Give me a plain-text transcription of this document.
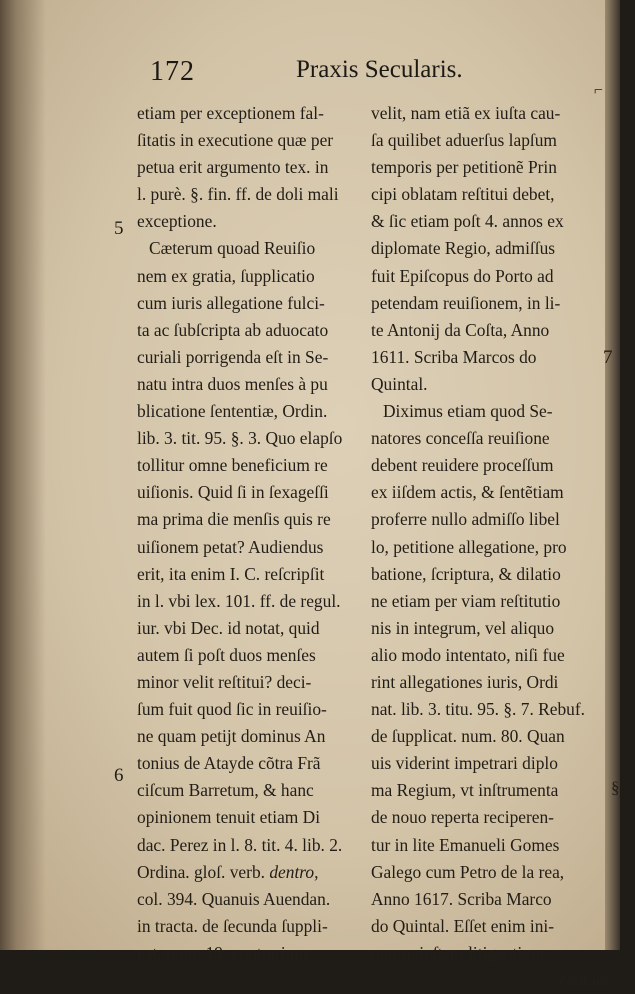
172	Praxis Secularis.
⌐
5
6
7
§
etiam per exceptionem fal-
ſitatis in executione quæ per
petua erit argumento tex. in
l. purè. §. fin. ff. de doli mali
exceptione.
Cæterum quoad Reuiſio
nem ex gratia, ſupplicatio
cum iuris allegatione fulci-
ta ac ſubſcripta ab aduocato
curiali porrigenda eſt in Se-
natu intra duos menſes à pu
blicatione ſententiæ, Ordin.
lib. 3. tit. 95. §. 3. Quo elapſo
tollitur omne beneficium re
uiſionis. Quid ſi in ſexageſſi
ma prima die menſis quis re
uiſionem petat? Audiendus
erit, ita enim I. C. reſcripſit
in l. vbi lex. 101. ff. de regul.
iur. vbi Dec. id notat, quid
autem ſi poſt duos menſes
minor velit reſtitui? deci-
ſum fuit quod ſic in reuiſio-
ne quam petijt dominus An
tonius de Atayde cõtra Frã
ciſcum Barretum, & hanc
opinionem tenuit etiam Di
dac. Perez in l. 8. tit. 4. lib. 2.
Ordina. gloſ. verb. dentro,
col. 394. Quanuis Auendan.
in tracta. de ſecunda ſuppli-
cat. num. 19. contrarium
velit, nam etiã ex iuſta cau-
ſa quilibet aduerſus lapſum
temporis per petitionẽ Prin
cipi oblatam reſtitui debet,
& ſic etiam poſt 4. annos ex
diplomate Regio, admiſſus
fuit Epiſcopus do Porto ad
petendam reuiſionem, in li-
te Antonij da Coſta, Anno
1611. Scriba Marcos do
Quintal.
Diximus etiam quod Se-
natores conceſſa reuiſione
debent reuidere proceſſum
ex iiſdem actis, & ſentẽtiam
proferre nullo admiſſo libel
lo, petitione allegatione, pro
batione, ſcriptura, & dilatio
ne etiam per viam reſtitutio
nis in integrum, vel aliquo
alio modo intentato, niſi fue
rint allegationes iuris, Ordi
nat. lib. 3. titu. 95. §. 7. Rebuf.
de ſupplicat. num. 80. Quan
uis viderint impetrari diplo
ma Regium, vt inſtrumenta
de nouo reperta reciperen-
tur in lite Emanueli Gomes
Galego cum Petro de la rea,
Anno 1617. Scriba Marco
do Quintal. Eſſet enim ini-
quum, iuſtam litigantium
cauſam
